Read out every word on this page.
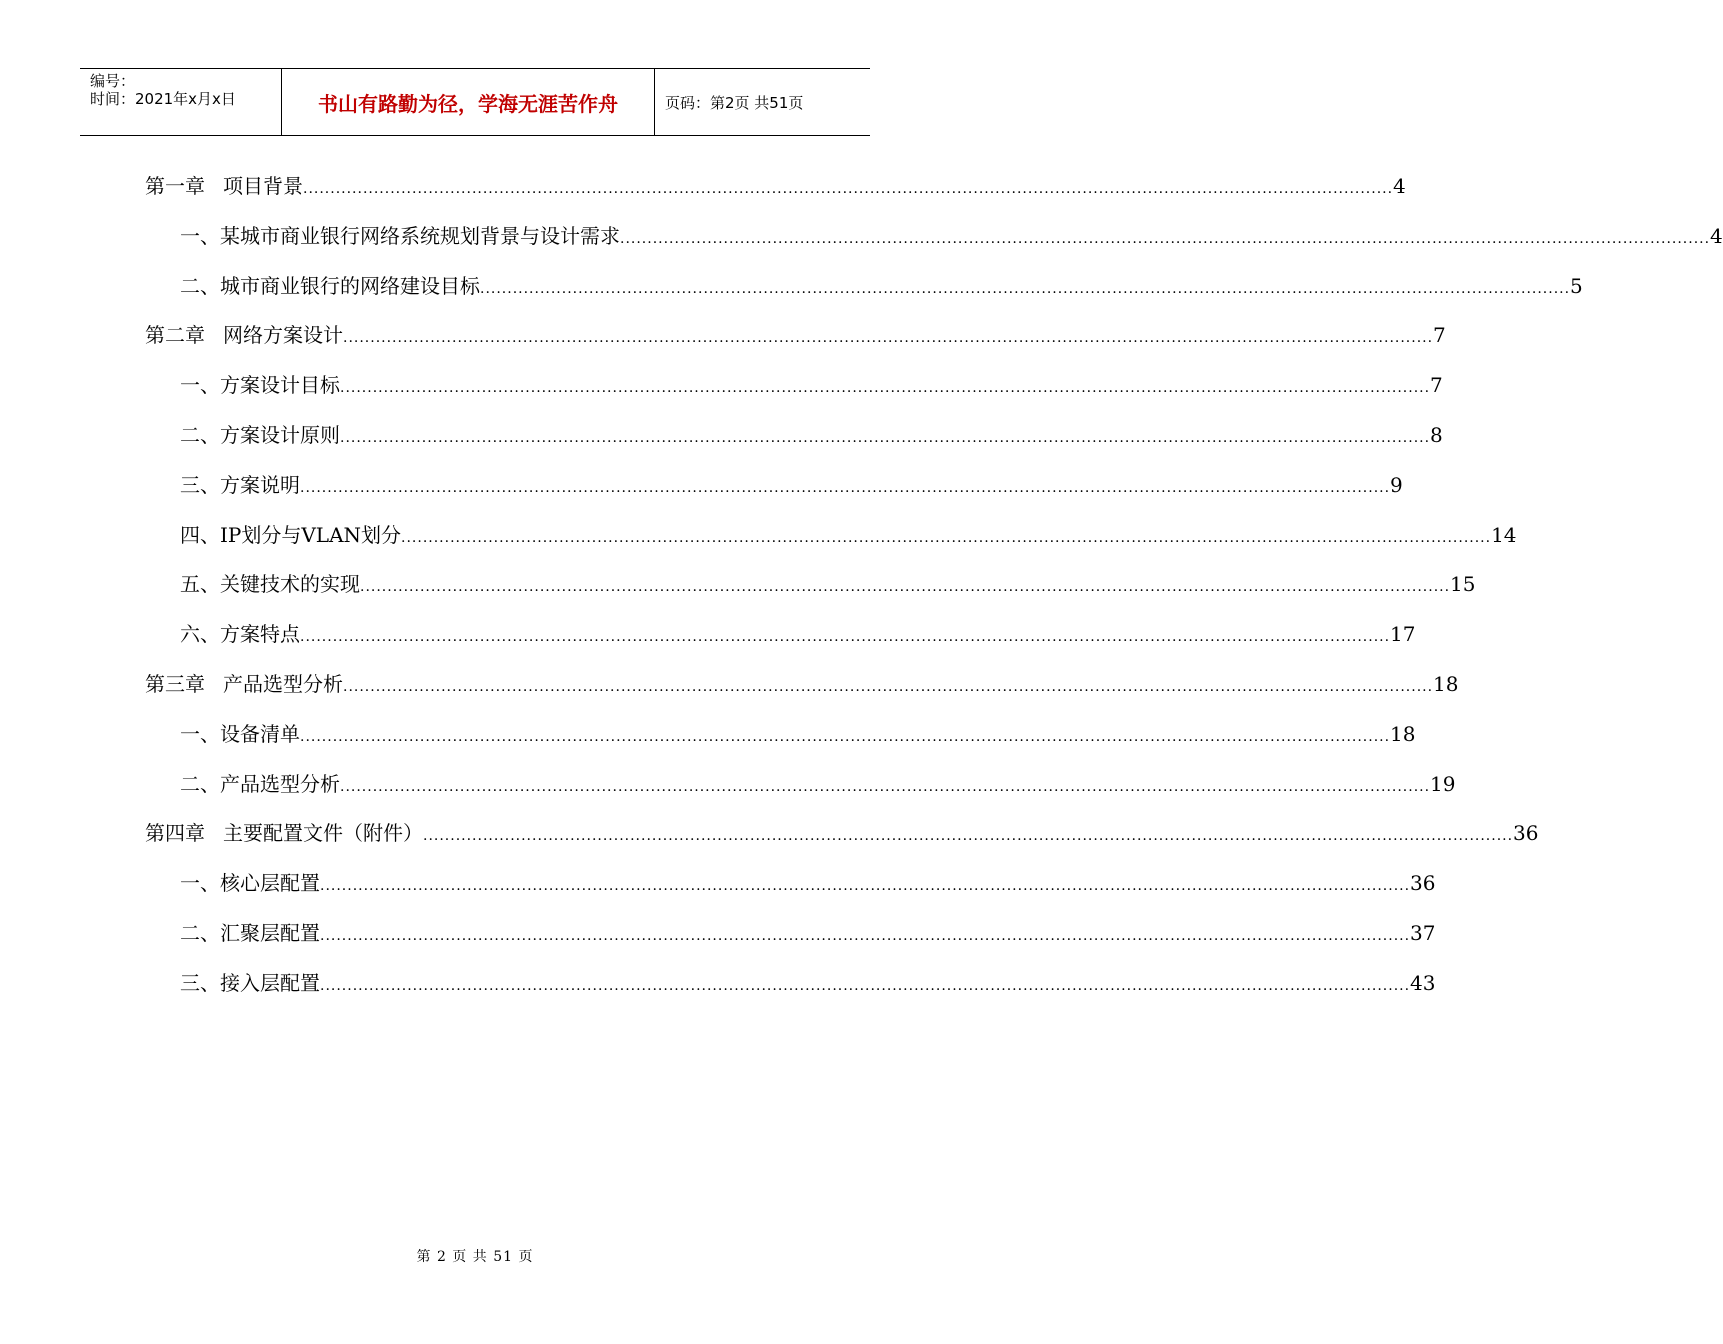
编号：
时间：2021年x月x日	书山有路勤为径，学海无涯苦作舟	页码：第2页 共51页
第一章 项目背景 ........................................................................................................................................................................................................ 4
一、某城市商业银行网络系统规划背景与设计需求 ........................................................................................................................................................................................................ 4
二、城市商业银行的网络建设目标 ........................................................................................................................................................................................................ 5
第二章 网络方案设计 ........................................................................................................................................................................................................ 7
一、方案设计目标 ........................................................................................................................................................................................................ 7
二、方案设计原则 ........................................................................................................................................................................................................ 8
三、方案说明 ........................................................................................................................................................................................................ 9
四、IP划分与VLAN划分 ........................................................................................................................................................................................................ 14
五、关键技术的实现 ........................................................................................................................................................................................................ 15
六、方案特点 ........................................................................................................................................................................................................ 17
第三章 产品选型分析 ........................................................................................................................................................................................................ 18
一、设备清单 ........................................................................................................................................................................................................ 18
二、产品选型分析 ........................................................................................................................................................................................................ 19
第四章 主要配置文件（附件） ........................................................................................................................................................................................................ 36
一、核心层配置 ........................................................................................................................................................................................................ 36
二、汇聚层配置 ........................................................................................................................................................................................................ 37
三、接入层配置 ........................................................................................................................................................................................................ 43
第 2 页 共 51 页
